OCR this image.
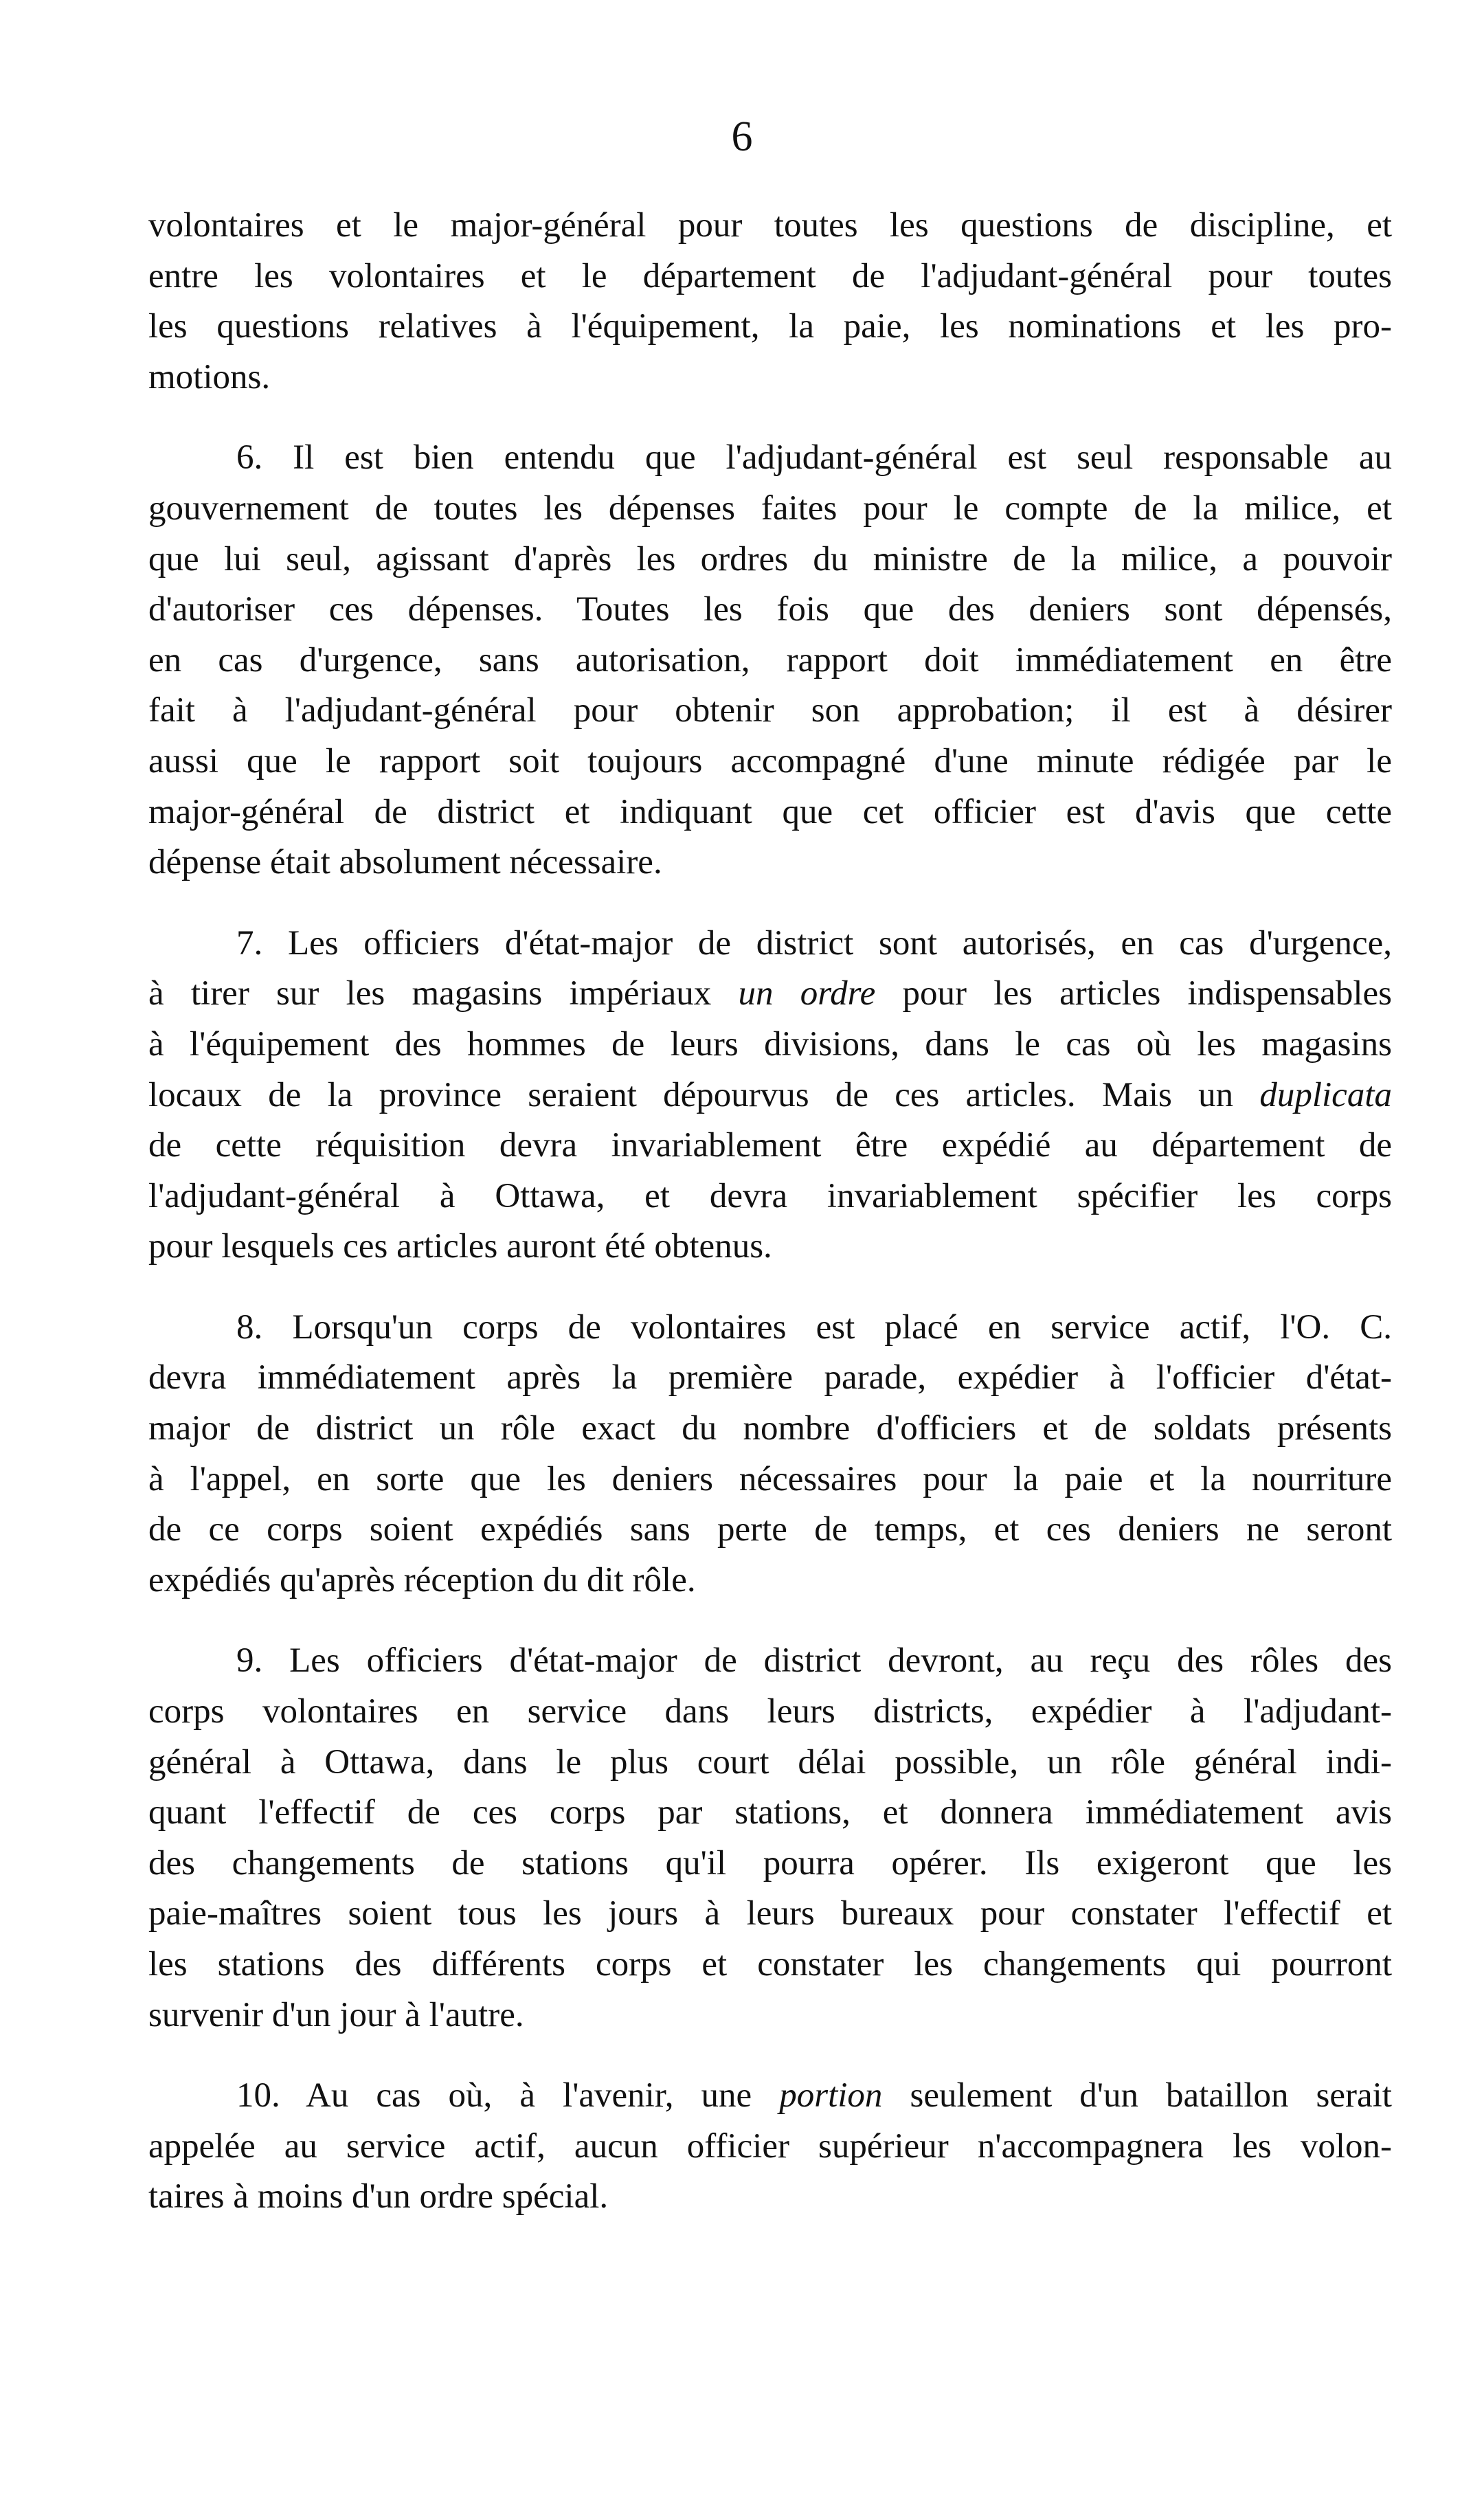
6
volontaires et le major-général pour toutes les questions de discipline, et
entre les volontaires et le département de l'adjudant-général pour toutes
les questions relatives à l'équipement, la paie, les nominations et les pro-
motions.
6. Il est bien entendu que l'adjudant-général est seul responsable au
gouvernement de toutes les dépenses faites pour le compte de la milice, et
que lui seul, agissant d'après les ordres du ministre de la milice, a pouvoir
d'autoriser ces dépenses. Toutes les fois que des deniers sont dépensés,
en cas d'urgence, sans autorisation, rapport doit immédiatement en être
fait à l'adjudant-général pour obtenir son approbation; il est à désirer
aussi que le rapport soit toujours accompagné d'une minute rédigée par le
major-général de district et indiquant que cet officier est d'avis que cette
dépense était absolument nécessaire.
7. Les officiers d'état-major de district sont autorisés, en cas d'urgence,
à tirer sur les magasins impériaux un ordre pour les articles indispensables
à l'équipement des hommes de leurs divisions, dans le cas où les magasins
locaux de la province seraient dépourvus de ces articles. Mais un duplicata
de cette réquisition devra invariablement être expédié au département de
l'adjudant-général à Ottawa, et devra invariablement spécifier les corps
pour lesquels ces articles auront été obtenus.
8. Lorsqu'un corps de volontaires est placé en service actif, l'O. C.
devra immédiatement après la première parade, expédier à l'officier d'état-
major de district un rôle exact du nombre d'officiers et de soldats présents
à l'appel, en sorte que les deniers nécessaires pour la paie et la nourriture
de ce corps soient expédiés sans perte de temps, et ces deniers ne seront
expédiés qu'après réception du dit rôle.
9. Les officiers d'état-major de district devront, au reçu des rôles des
corps volontaires en service dans leurs districts, expédier à l'adjudant-
général à Ottawa, dans le plus court délai possible, un rôle général indi-
quant l'effectif de ces corps par stations, et donnera immédiatement avis
des changements de stations qu'il pourra opérer. Ils exigeront que les
paie-maîtres soient tous les jours à leurs bureaux pour constater l'effectif et
les stations des différents corps et constater les changements qui pourront
survenir d'un jour à l'autre.
10. Au cas où, à l'avenir, une portion seulement d'un bataillon serait
appelée au service actif, aucun officier supérieur n'accompagnera les volon-
taires à moins d'un ordre spécial.
